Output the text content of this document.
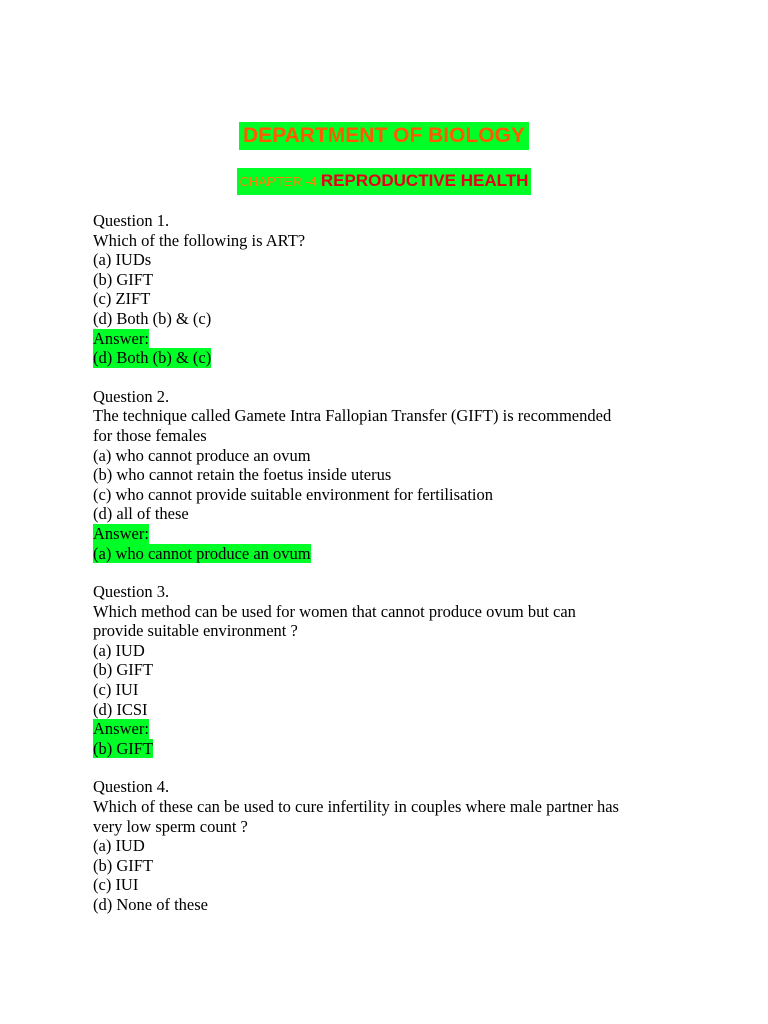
DEPARTMENT OF BIOLOGY
CHAPTER -4 REPRODUCTIVE HEALTH
Question 1.
Which of the following is ART?
(a) IUDs
(b) GIFT
(c) ZIFT
(d) Both (b) & (c)
Answer:
(d) Both (b) & (c)
Question 2.
The technique called Gamete Intra Fallopian Transfer (GIFT) is recommended
for those females
(a) who cannot produce an ovum
(b) who cannot retain the foetus inside uterus
(c) who cannot provide suitable environment for fertilisation
(d) all of these
Answer:
(a) who cannot produce an ovum
Question 3.
Which method can be used for women that cannot produce ovum but can
provide suitable environment ?
(a) IUD
(b) GIFT
(c) IUI
(d) ICSI
Answer:
(b) GIFT
Question 4.
Which of these can be used to cure infertility in couples where male partner has
very low sperm count ?
(a) IUD
(b) GIFT
(c) IUI
(d) None of these
